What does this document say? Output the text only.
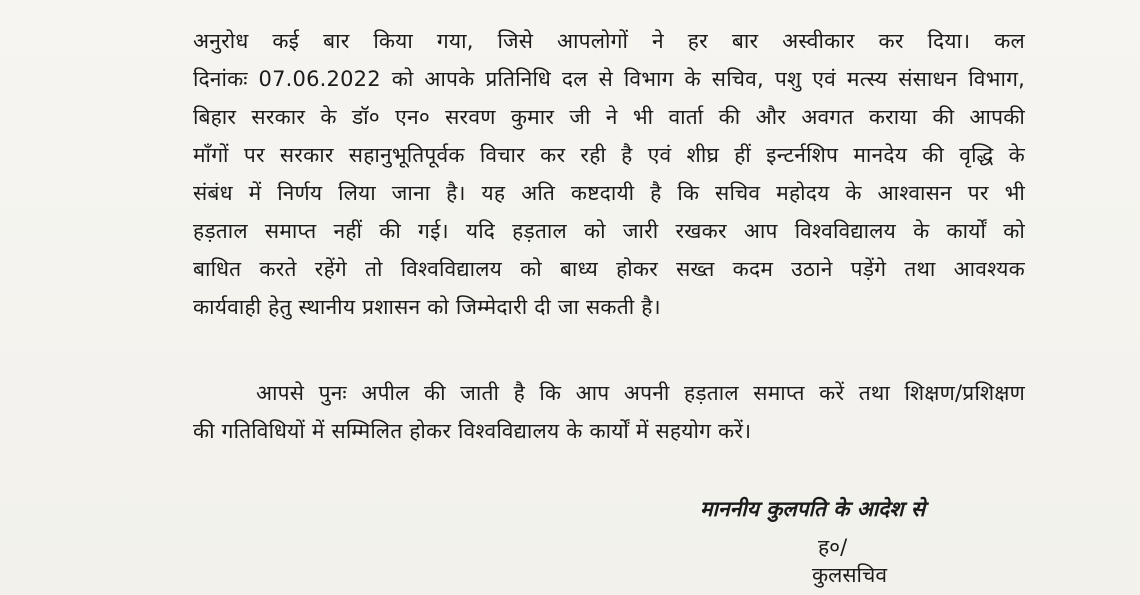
अनुरोध कई बार किया गया, जिसे आपलोगों ने हर बार अस्वीकार कर दिया। कल
दिनांकः 07.06.2022 को आपके प्रतिनिधि दल से विभाग के सचिव, पशु एवं मत्स्य संसाधन विभाग,
बिहार सरकार के डॉ० एन० सरवण कुमार जी ने भी वार्ता की और अवगत कराया की आपकी
माँगों पर सरकार सहानुभूतिपूर्वक विचार कर रही है एवं शीघ्र हीं इन्टर्नशिप मानदेय की वृद्धि के
संबंध में निर्णय लिया जाना है। यह अति कष्टदायी है कि सचिव महोदय के आश्वासन पर भी
हड़ताल समाप्त नहीं की गई। यदि हड़ताल को जारी रखकर आप विश्वविद्यालय के कार्यों को
बाधित करते रहेंगे तो विश्वविद्यालय को बाध्य होकर सख्त कदम उठाने पड़ेंगे तथा आवश्यक
कार्यवाही हेतु स्थानीय प्रशासन को जिम्मेदारी दी जा सकती है।
आपसे पुनः अपील की जाती है कि आप अपनी हड़ताल समाप्त करें तथा शिक्षण/प्रशिक्षण
की गतिविधियों में सम्मिलित होकर विश्वविद्यालय के कार्यों में सहयोग करें।
माननीय कुलपति के आदेश से
ह०/
कुलसचिव
